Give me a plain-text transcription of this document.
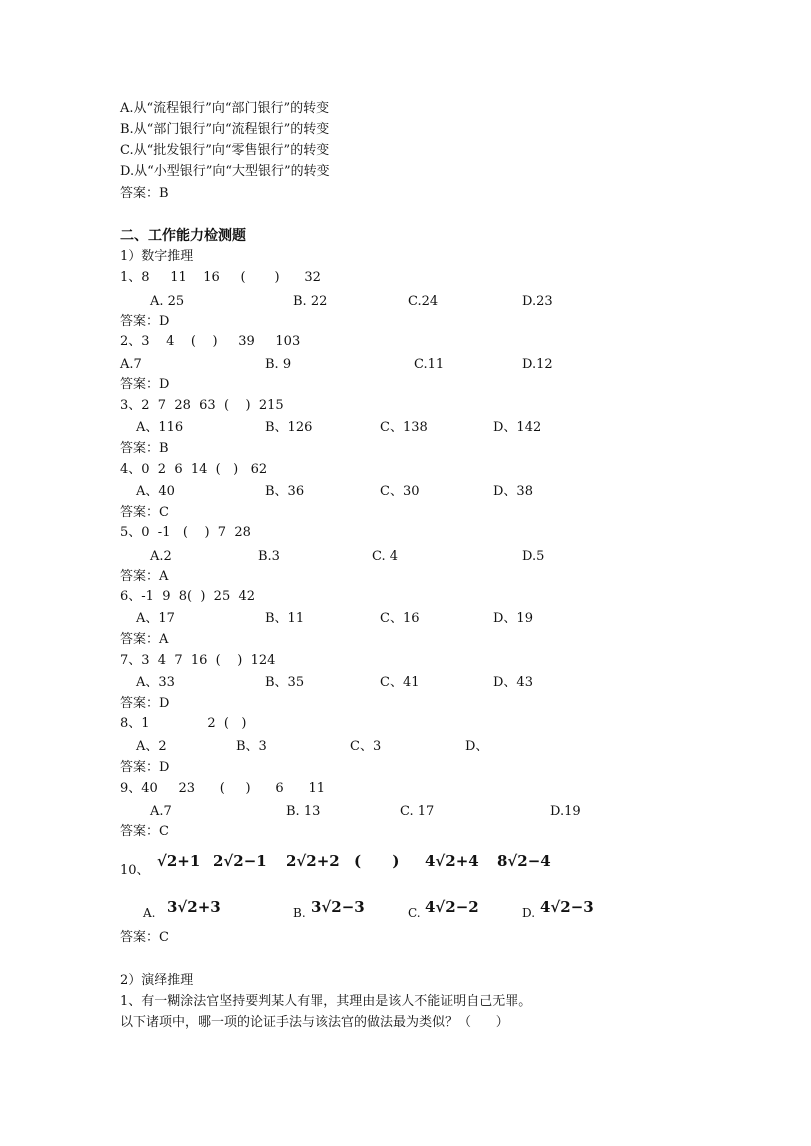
A.从“流程银行”向“部门银行”的转变
B.从“部门银行”向“流程银行”的转变
C.从“批发银行”向“零售银行”的转变
D.从“小型银行”向“大型银行”的转变
答案：B
二、工作能力检测题
1）数字推理
1、8     11    16     (       )      32
A. 25	B. 22	C.24	D.23
答案：D
2、3    4    (    )     39     103
A.7	B. 9	C.11	D.12
答案：D
3、2  7  28  63  (    )  215
A、116	B、126	C、138	D、142
答案：B
4、0  2  6  14  (   )   62
A、40	B、36	C、30	D、38
答案：C
5、0  -1   (    )  7  28
A.2	B.3	C. 4	D.5
答案：A
6、-1  9  8(  )  25  42
A、17	B、11	C、16	D、19
答案：A
7、3  4  7  16  (    )  124
A、33	B、35	C、41	D、43
答案：D
8、1              2  (   )
A、2	B、3	C、3	D、
答案：D
9、40     23      (     )      6      11
A.7	B. 13	C. 17	D.19
答案：C
10、
√2+1 2√2−1 2√2+2 (      ) 4√2+4 8√2−4
A. 3√2+3	B. 3√2−3	C. 4√2−2	D. 4√2−3
答案：C
2）演绎推理
1、有一糊涂法官坚持要判某人有罪，其理由是该人不能证明自己无罪。
以下诸项中，哪一项的论证手法与该法官的做法最为类似？（      ）
